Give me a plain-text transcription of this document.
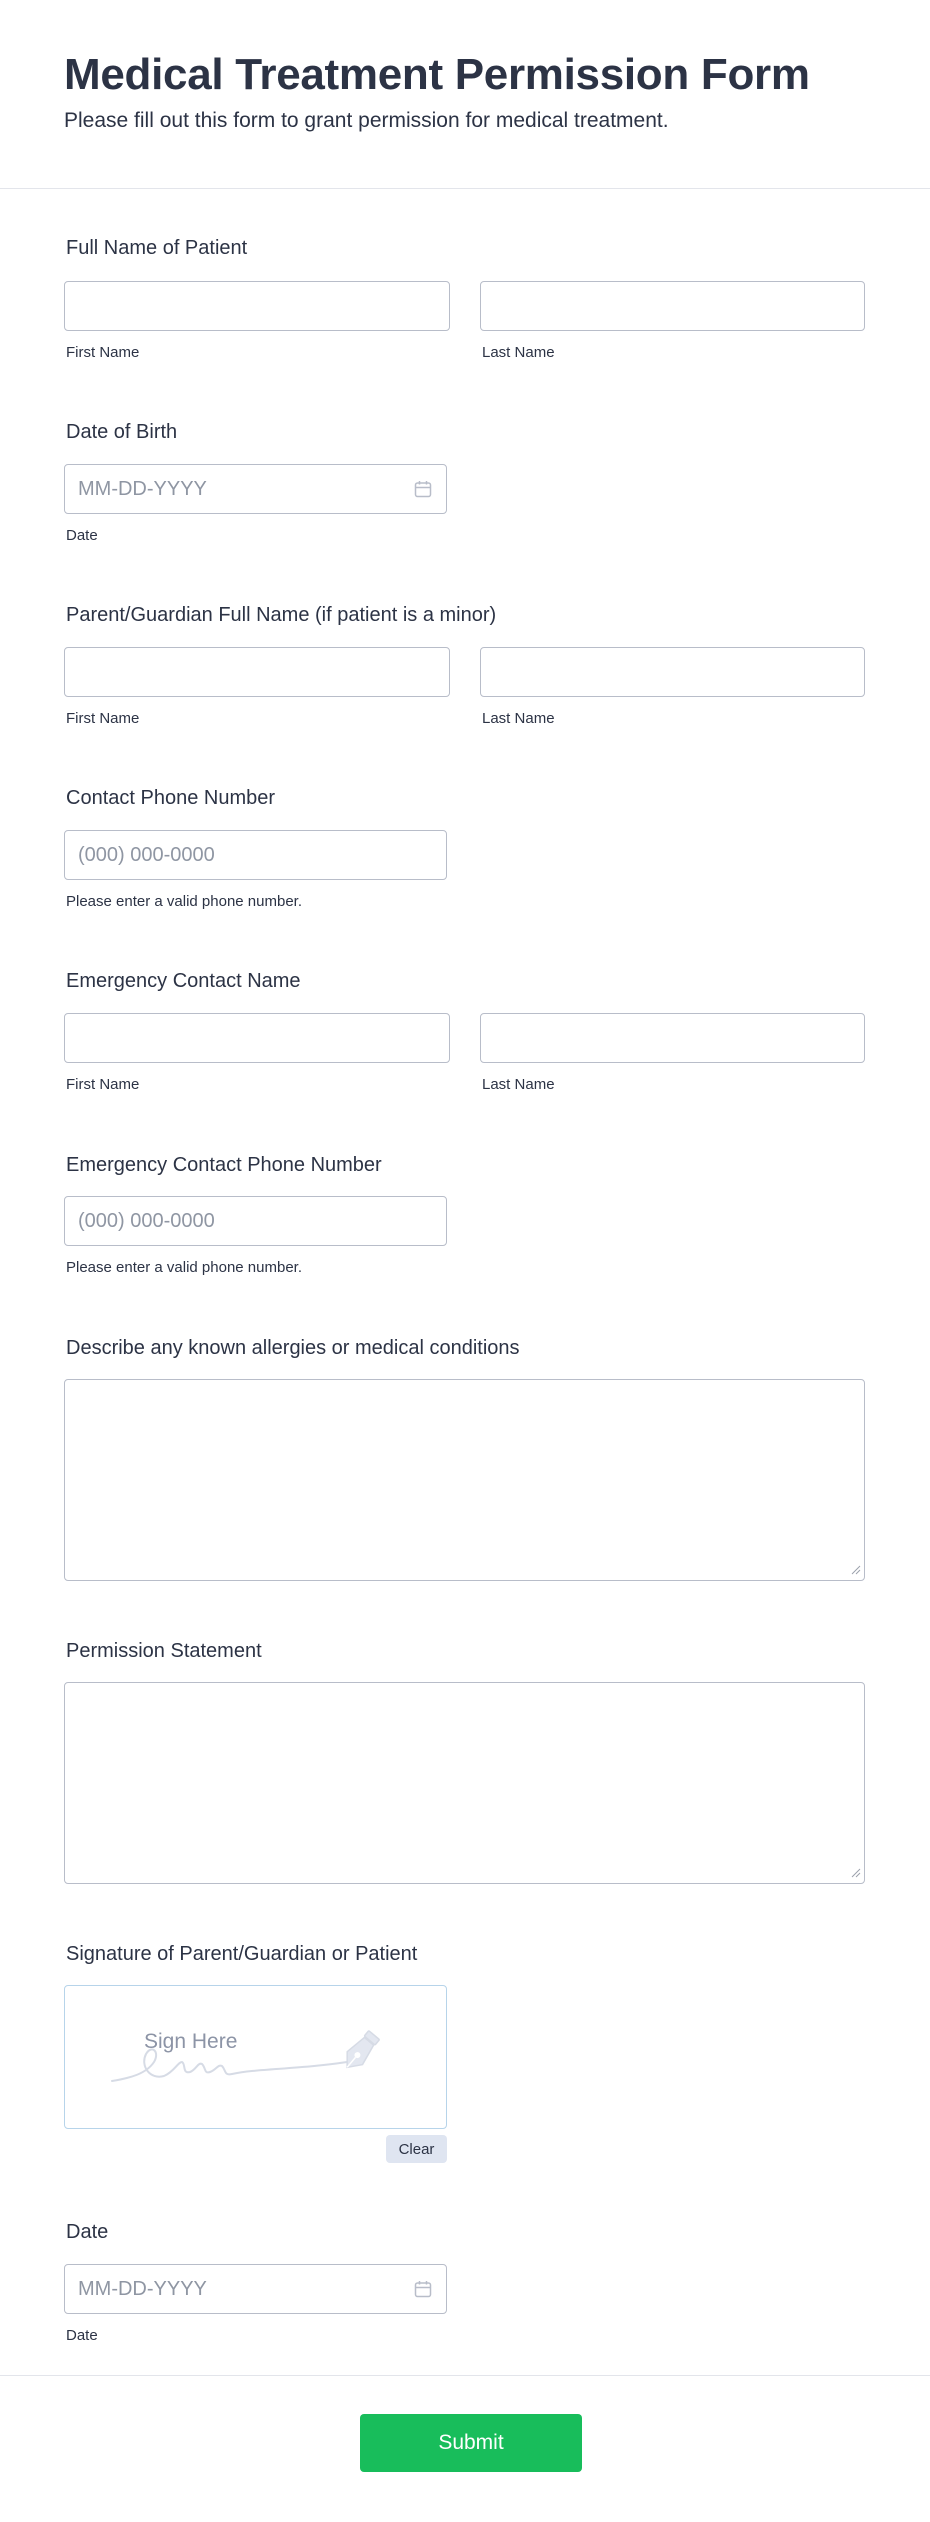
Medical Treatment Permission Form

Please fill out this form to grant permission for medical treatment.

Full Name of Patient
First Name	Last Name
Date of Birth
MM-DD-YYYY
Date
Parent/Guardian Full Name (if patient is a minor)
First Name	Last Name
Contact Phone Number
(000) 000-0000
Please enter a valid phone number.
Emergency Contact Name
First Name	Last Name
Emergency Contact Phone Number
(000) 000-0000
Please enter a valid phone number.
Describe any known allergies or medical conditions
Permission Statement
Signature of Parent/Guardian or Patient
Sign Here
Clear
Date
MM-DD-YYYY
Date
Submit
